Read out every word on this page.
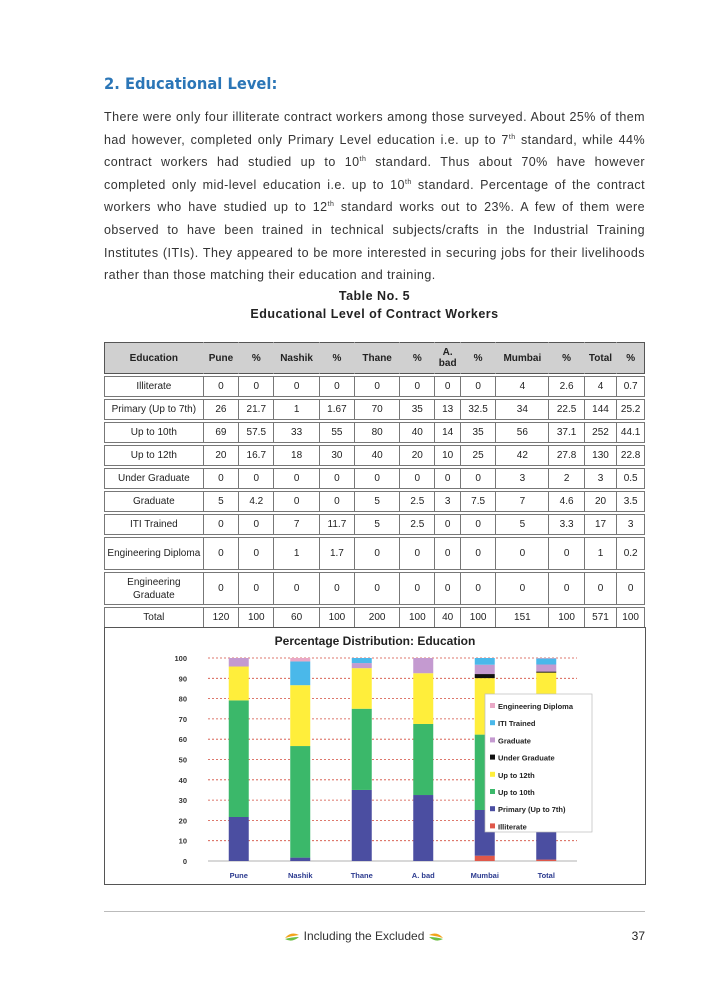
2. Educational Level:

There were only four illiterate contract workers among those surveyed. About 25% of them had however, completed only Primary Level education i.e. up to 7th standard, while 44% contract workers had studied up to 10th standard. Thus about 70% have however completed only mid-level education i.e. up to 10th standard. Percentage of the contract workers who have studied up to 12th standard works out to 23%. A few of them were observed to have been trained in technical subjects/crafts in the Industrial Training Institutes (ITIs). They appeared to be more interested in securing jobs for their livelihoods rather than those matching their education and training.

Table No. 5
Educational Level of Contract Workers
Education	Pune	%	Nashik	%	Thane	%	A. bad	%	Mumbai	%	Total	%
Illiterate	0	0	0	0	0	0	0	0	4	2.6	4	0.7
Primary (Up to 7th)	26	21.7	1	1.67	70	35	13	32.5	34	22.5	144	25.2
Up to 10th	69	57.5	33	55	80	40	14	35	56	37.1	252	44.1
Up to 12th	20	16.7	18	30	40	20	10	25	42	27.8	130	22.8
Under Graduate	0	0	0	0	0	0	0	0	3	2	3	0.5
Graduate	5	4.2	0	0	5	2.5	3	7.5	7	4.6	20	3.5
ITI Trained	0	0	7	11.7	5	2.5	0	0	5	3.3	17	3
Engineering Diploma	0	0	1	1.7	0	0	0	0	0	0	1	0.2
Engineering Graduate	0	0	0	0	0	0	0	0	0	0	0	0
Total	120	100	60	100	200	100	40	100	151	100	571	100
Percentage Distribution: Education
0
10
20
30
40
50
60
70
80
90
100
Pune	Nashik	Thane	A. bad	Mumbai	Total
Engineering Diploma
ITI Trained
Graduate
Under Graduate
Up to 12th
Up to 10th
Primary (Up to 7th)
Illiterate
Including the Excluded	37
